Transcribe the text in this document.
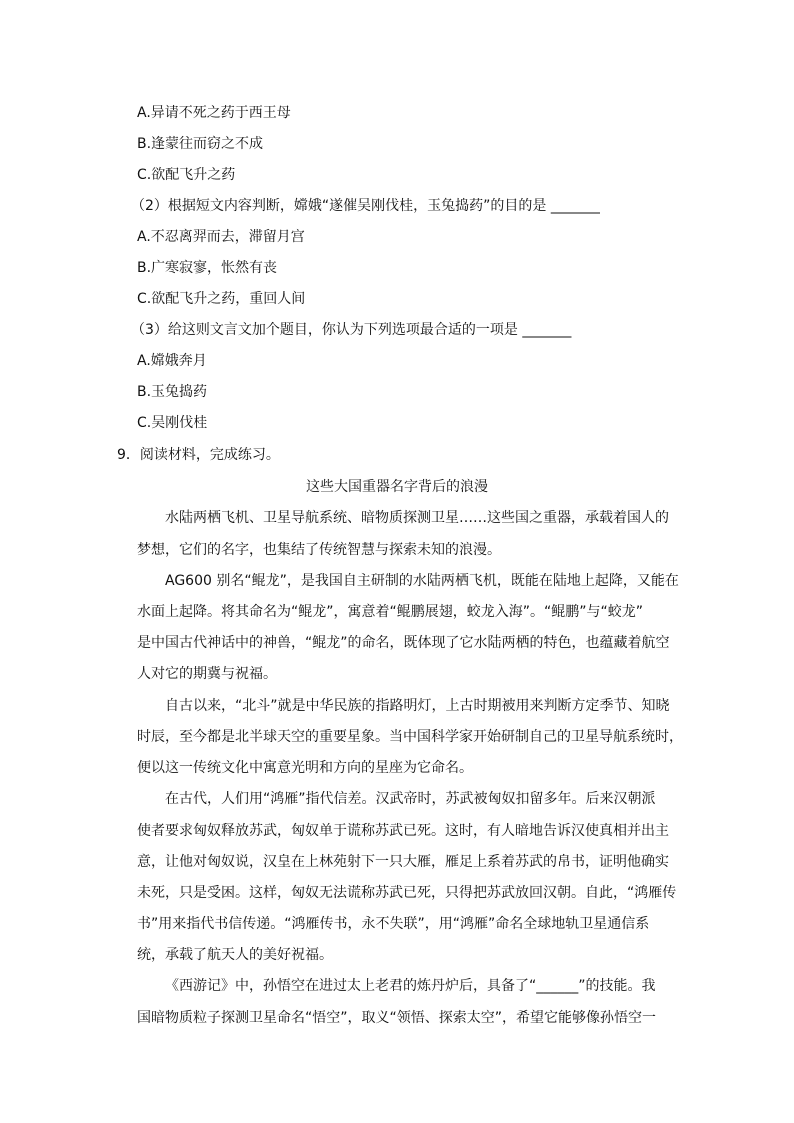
A.异请不死之药于西王母
B.逢蒙往而窃之不成
C.欲配飞升之药
（2）根据短文内容判断，嫦娥“遂催吴刚伐桂，玉兔捣药”的目的是 _______
A.不忍离羿而去，滞留月宫
B.广寒寂寥，怅然有丧
C.欲配飞升之药，重回人间
（3）给这则文言文加个题目，你认为下列选项最合适的一项是 _______
A.嫦娥奔月
B.玉兔捣药
C.吴刚伐桂
9．阅读材料，完成练习。
这些大国重器名字背后的浪漫
水陆两栖飞机、卫星导航系统、暗物质探测卫星……这些国之重器，承载着国人的
梦想，它们的名字，也集结了传统智慧与探索未知的浪漫。
AG600 别名“鲲龙”，是我国自主研制的水陆两栖飞机，既能在陆地上起降，又能在
水面上起降。将其命名为“鲲龙”，寓意着“鲲鹏展翅，蛟龙入海”。“鲲鹏”与“蛟龙”
是中国古代神话中的神兽，“鲲龙”的命名，既体现了它水陆两栖的特色，也蕴藏着航空
人对它的期冀与祝福。
自古以来，“北斗”就是中华民族的指路明灯，上古时期被用来判断方定季节、知晓
时辰，至今都是北半球天空的重要星象。当中国科学家开始研制自己的卫星导航系统时，
便以这一传统文化中寓意光明和方向的星座为它命名。
在古代，人们用“鸿雁”指代信差。汉武帝时，苏武被匈奴扣留多年。后来汉朝派
使者要求匈奴释放苏武，匈奴单于谎称苏武已死。这时，有人暗地告诉汉使真相并出主
意，让他对匈奴说，汉皇在上林苑射下一只大雁，雁足上系着苏武的帛书，证明他确实
未死，只是受困。这样，匈奴无法谎称苏武已死，只得把苏武放回汉朝。自此，“鸿雁传
书”用来指代书信传递。“鸿雁传书，永不失联”，用“鸿雁”命名全球地轨卫星通信系
统，承载了航天人的美好祝福。
《西游记》中，孙悟空在进过太上老君的炼丹炉后，具备了“______”的技能。我
国暗物质粒子探测卫星命名“悟空”，取义“领悟、探索太空”，希望它能够像孙悟空一
